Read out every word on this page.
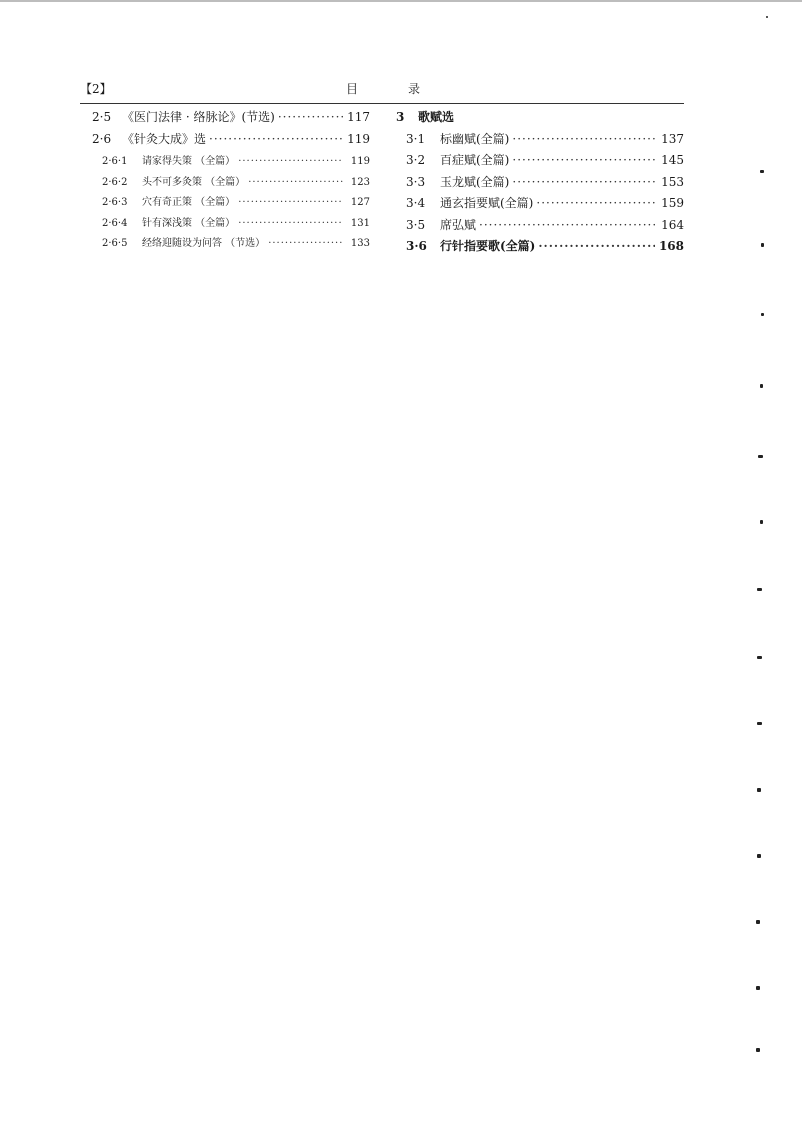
【2】	目	录
2·5 《医门法律 · 络脉论》(节选) ·····	117
2·6 《针灸大成》选 ·····	119
2·6·1	请家得失策 （全篇） ·····	119
2·6·2	头不可多灸策 （全篇） ·····	123
2·6·3	穴有奇正策 （全篇） ·····	127
2·6·4	针有深浅策 （全篇） ·····	131
2·6·5	经络迎随设为问答 （节选） ·····	133
3	歌赋选
3·1	标幽赋(全篇) ·····	137
3·2	百症赋(全篇) ·····	145
3·3	玉龙赋(全篇) ·····	153
3·4	通玄指要赋(全篇) ·····	159
3·5	席弘赋 ·····	164
3·6	行针指要歌(全篇) ·····	168
